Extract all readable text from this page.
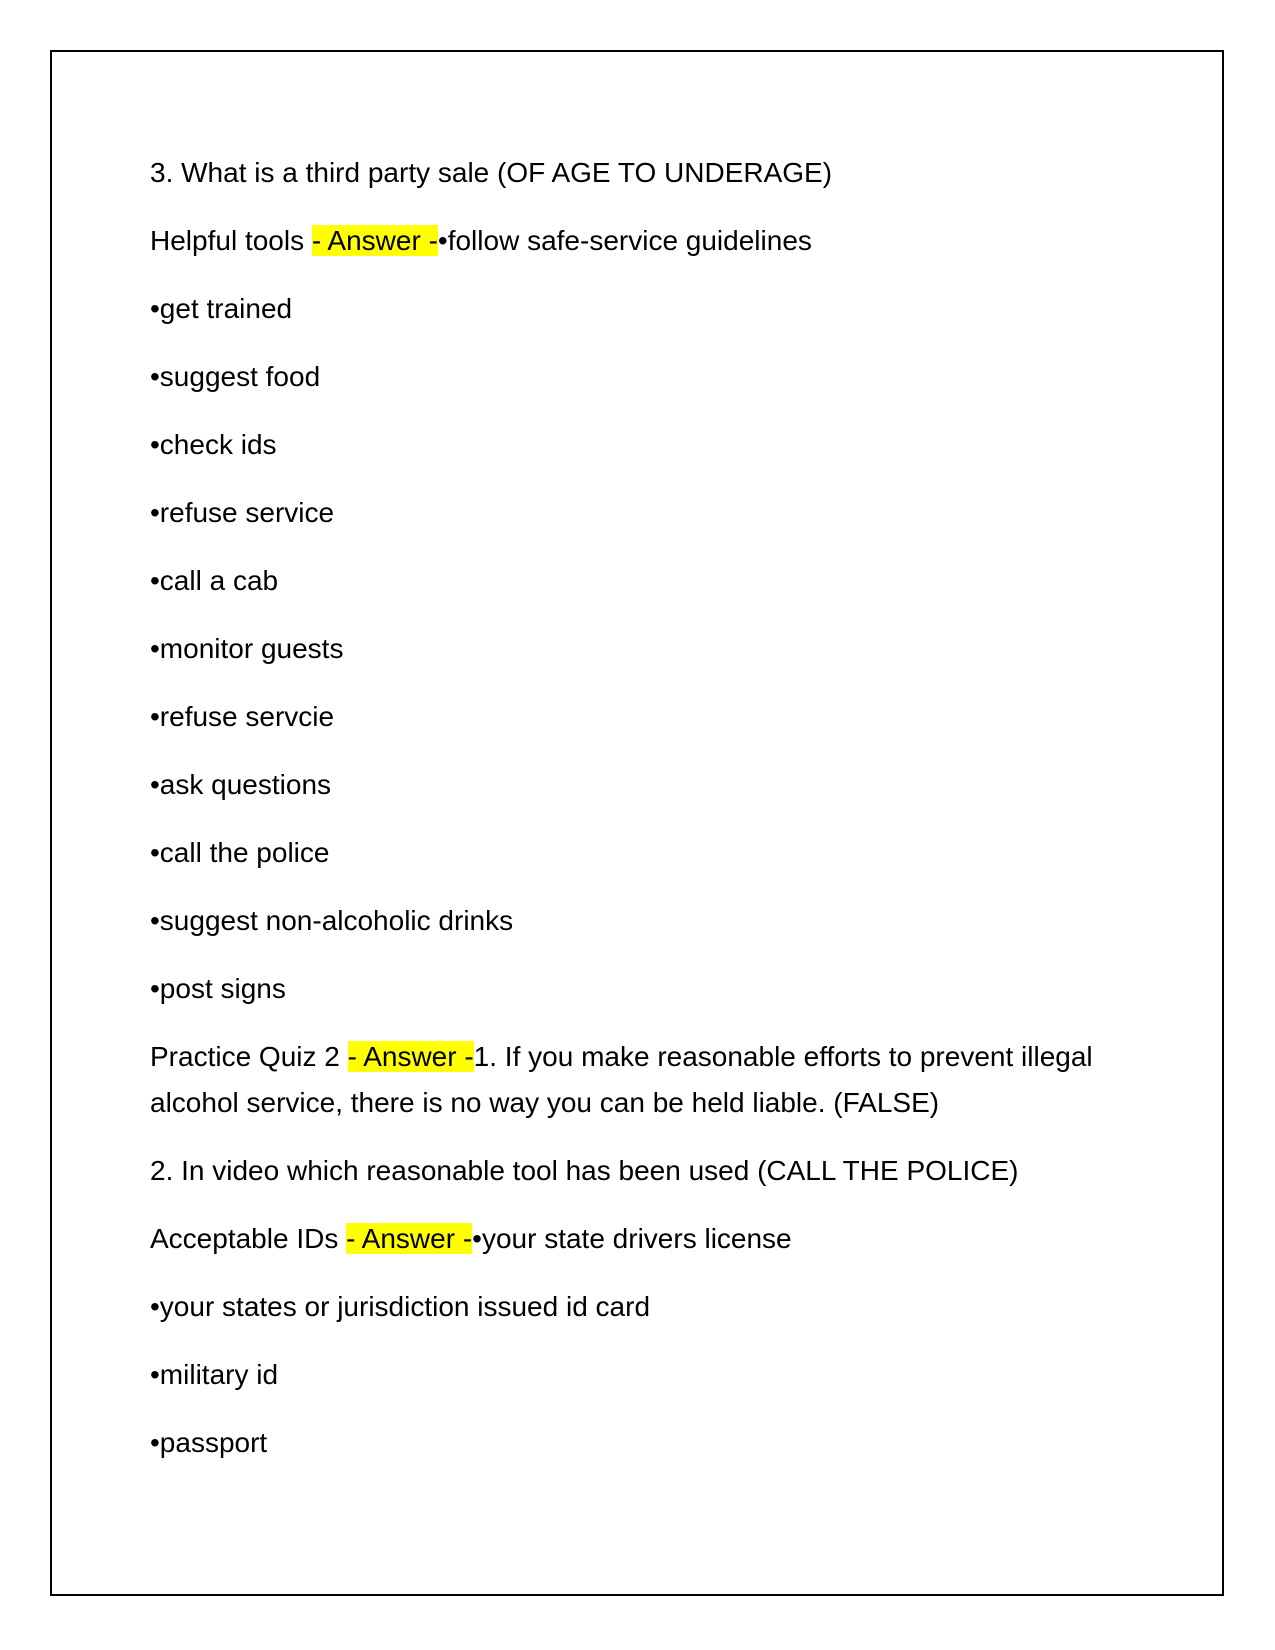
3. What is a third party sale (OF AGE TO UNDERAGE)

Helpful tools - Answer -•follow safe-service guidelines

•get trained

•suggest food

•check ids

•refuse service

•call a cab

•monitor guests

•refuse servcie

•ask questions

•call the police

•suggest non-alcoholic drinks

•post signs

Practice Quiz 2 - Answer -1. If you make reasonable efforts to prevent illegal alcohol service, there is no way you can be held liable. (FALSE)

2. In video which reasonable tool has been used (CALL THE POLICE)

Acceptable IDs - Answer -•your state drivers license

•your states or jurisdiction issued id card

•military id

•passport
